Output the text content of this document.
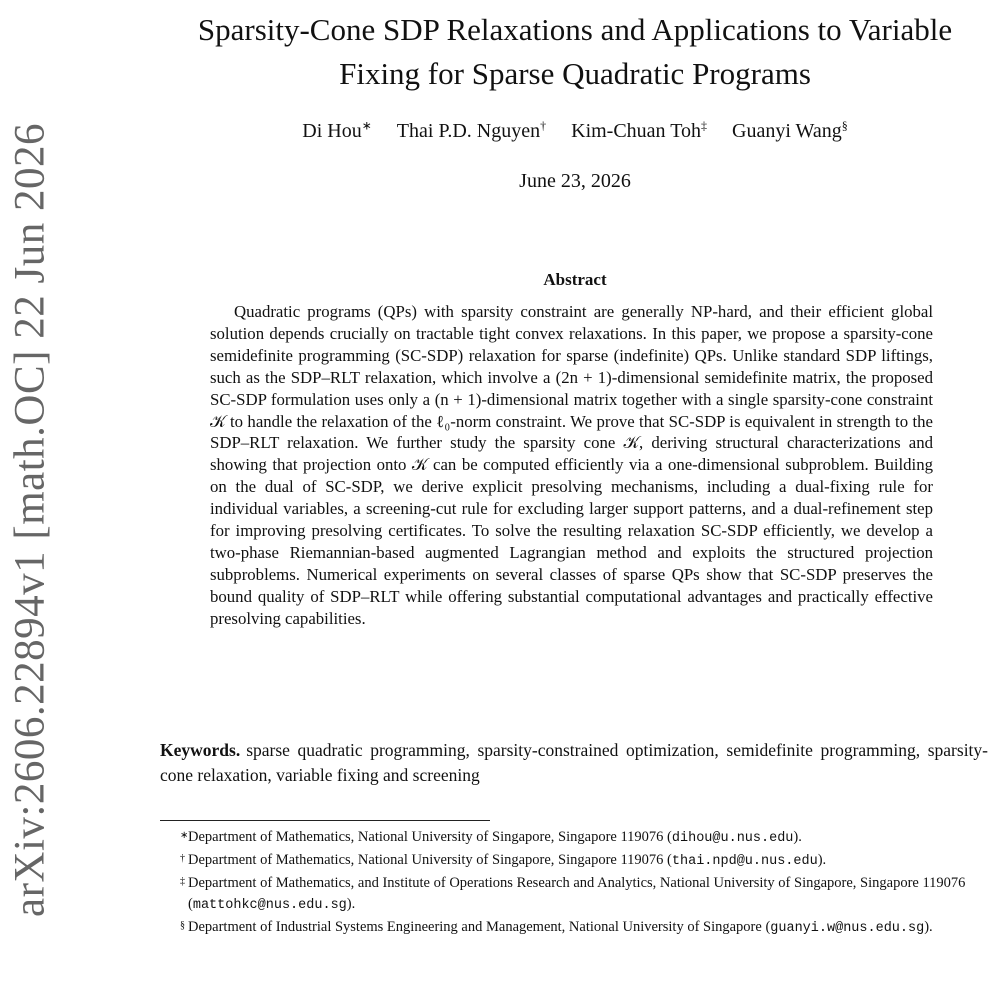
arXiv:2606.22894v1 [math.OC] 22 Jun 2026
Sparsity-Cone SDP Relaxations and Applications to Variable
Fixing for Sparse Quadratic Programs
Di Hou∗ Thai P.D. Nguyen† Kim-Chuan Toh‡ Guanyi Wang§
June 23, 2026
Abstract

Quadratic programs (QPs) with sparsity constraint are generally NP-hard, and their efficient global solution depends crucially on tractable tight convex relaxations. In this paper, we propose a sparsity-cone semidefinite programming (SC-SDP) relaxation for sparse (indefinite) QPs. Unlike standard SDP liftings, such as the SDP–RLT relaxation, which involve a (2n + 1)-dimensional semidefinite matrix, the proposed SC-SDP formulation uses only a (n + 1)-dimensional matrix together with a single sparsity-cone constraint 𝒦 to handle the relaxation of the ℓ₀-norm constraint. We prove that SC-SDP is equivalent in strength to the SDP–RLT relaxation. We further study the sparsity cone 𝒦, deriving structural characterizations and showing that projection onto 𝒦 can be computed efficiently via a one-dimensional subproblem. Building on the dual of SC-SDP, we derive explicit presolving mechanisms, including a dual-fixing rule for individual variables, a screening-cut rule for excluding larger support patterns, and a dual-refinement step for improving presolving certificates. To solve the resulting relaxation SC-SDP efficiently, we develop a two-phase Riemannian-based augmented Lagrangian method and exploits the structured projection subproblems. Numerical experiments on several classes of sparse QPs show that SC-SDP preserves the bound quality of SDP–RLT while offering substantial computational advantages and practically effective presolving capabilities.

Keywords. sparse quadratic programming, sparsity-constrained optimization, semidefinite programming, sparsity-cone relaxation, variable fixing and screening

∗ Department of Mathematics, National University of Singapore, Singapore 119076 (dihou@u.nus.edu).
† Department of Mathematics, National University of Singapore, Singapore 119076 (thai.npd@u.nus.edu).
‡ Department of Mathematics, and Institute of Operations Research and Analytics, National University of Singapore, Singapore 119076 (mattohkc@nus.edu.sg).
§ Department of Industrial Systems Engineering and Management, National University of Singapore (guanyi.w@nus.edu.sg).
